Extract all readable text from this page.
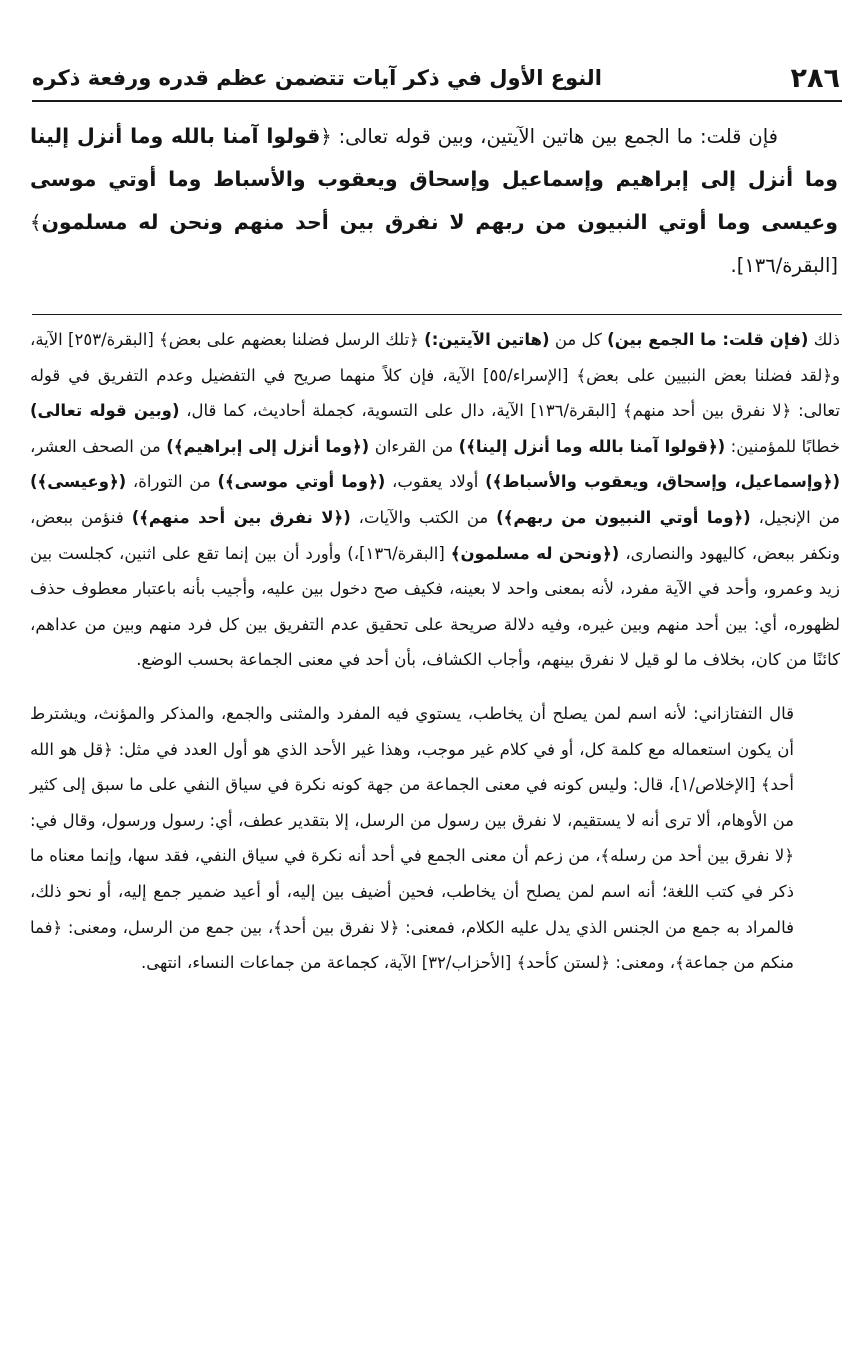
النوع الأول في ذكر آيات تتضمن عظم قدره ورفعة ذكره	٢٨٦
فإن قلت: ما الجمع بين هاتين الآيتين، وبين قوله تعالى: ﴿قولوا آمنا بالله وما أنزل إلينا وما أنزل إلى إبراهيم وإسماعيل وإسحاق ويعقوب والأسباط وما أوتي موسى وعيسى وما أوتي النبيون من ربهم لا نفرق بين أحد منهم ونحن له مسلمون﴾ [البقرة/١٣٦].

ذلك (فإن قلت: ما الجمع بين) كل من (هاتين الآيتين:) ﴿تلك الرسل فضلنا بعضهم على بعض﴾ [البقرة/٢٥٣] الآية، و﴿لقد فضلنا بعض النبيين على بعض﴾ [الإسراء/٥٥] الآية، فإن كلاً منهما صريح في التفضيل وعدم التفريق في قوله تعالى: ﴿لا نفرق بين أحد منهم﴾ [البقرة/١٣٦] الآية، دال على التسوية، كجملة أحاديث، كما قال، (وبين قوله تعالى) خطابًا للمؤمنين: (﴿قولوا آمنا بالله وما أنزل إلينا﴾) من القرءان (﴿وما أنزل إلى إبراهيم﴾) من الصحف العشر، (﴿وإسماعيل، وإسحاق، ويعقوب والأسباط﴾) أولاد يعقوب، (﴿وما أوتي موسى﴾) من التوراة، (﴿وعيسى﴾) من الإنجيل، (﴿وما أوتي النبيون من ربهم﴾) من الكتب والآيات، (﴿لا نفرق بين أحد منهم﴾) فنؤمن ببعض، ونكفر ببعض، كاليهود والنصارى، (﴿ونحن له مسلمون﴾ [البقرة/١٣٦]،) وأورد أن بين إنما تقع على اثنين، كجلست بين زيد وعمرو، وأحد في الآية مفرد، لأنه بمعنى واحد لا بعينه، فكيف صح دخول بين عليه، وأجيب بأنه باعتبار معطوف حذف لظهوره، أي: بين أحد منهم وبين غيره، وفيه دلالة صريحة على تحقيق عدم التفريق بين كل فرد منهم وبين من عداهم، كائنًا من كان، بخلاف ما لو قيل لا نفرق بينهم، وأجاب الكشاف، بأن أحد في معنى الجماعة بحسب الوضع.

قال التفتازاني: لأنه اسم لمن يصلح أن يخاطب، يستوي فيه المفرد والمثنى والجمع، والمذكر والمؤنث، ويشترط أن يكون استعماله مع كلمة كل، أو في كلام غير موجب، وهذا غير الأحد الذي هو أول العدد في مثل: ﴿قل هو الله أحد﴾ [الإخلاص/١]، قال: وليس كونه في معنى الجماعة من جهة كونه نكرة في سياق النفي على ما سبق إلى كثير من الأوهام، ألا ترى أنه لا يستقيم، لا نفرق بين رسول من الرسل، إلا بتقدير عطف، أي: رسول ورسول، وقال في: ﴿لا نفرق بين أحد من رسله﴾، من زعم أن معنى الجمع في أحد أنه نكرة في سياق النفي، فقد سها، وإنما معناه ما ذكر في كتب اللغة؛ أنه اسم لمن يصلح أن يخاطب، فحين أضيف بين إليه، أو أعيد ضمير جمع إليه، أو نحو ذلك، فالمراد به جمع من الجنس الذي يدل عليه الكلام، فمعنى: ﴿لا نفرق بين أحد﴾، بين جمع من الرسل، ومعنى: ﴿فما منكم من جماعة﴾، ومعنى: ﴿لستن كأحد﴾ [الأحزاب/٣٢] الآية، كجماعة من جماعات النساء، انتهى.
